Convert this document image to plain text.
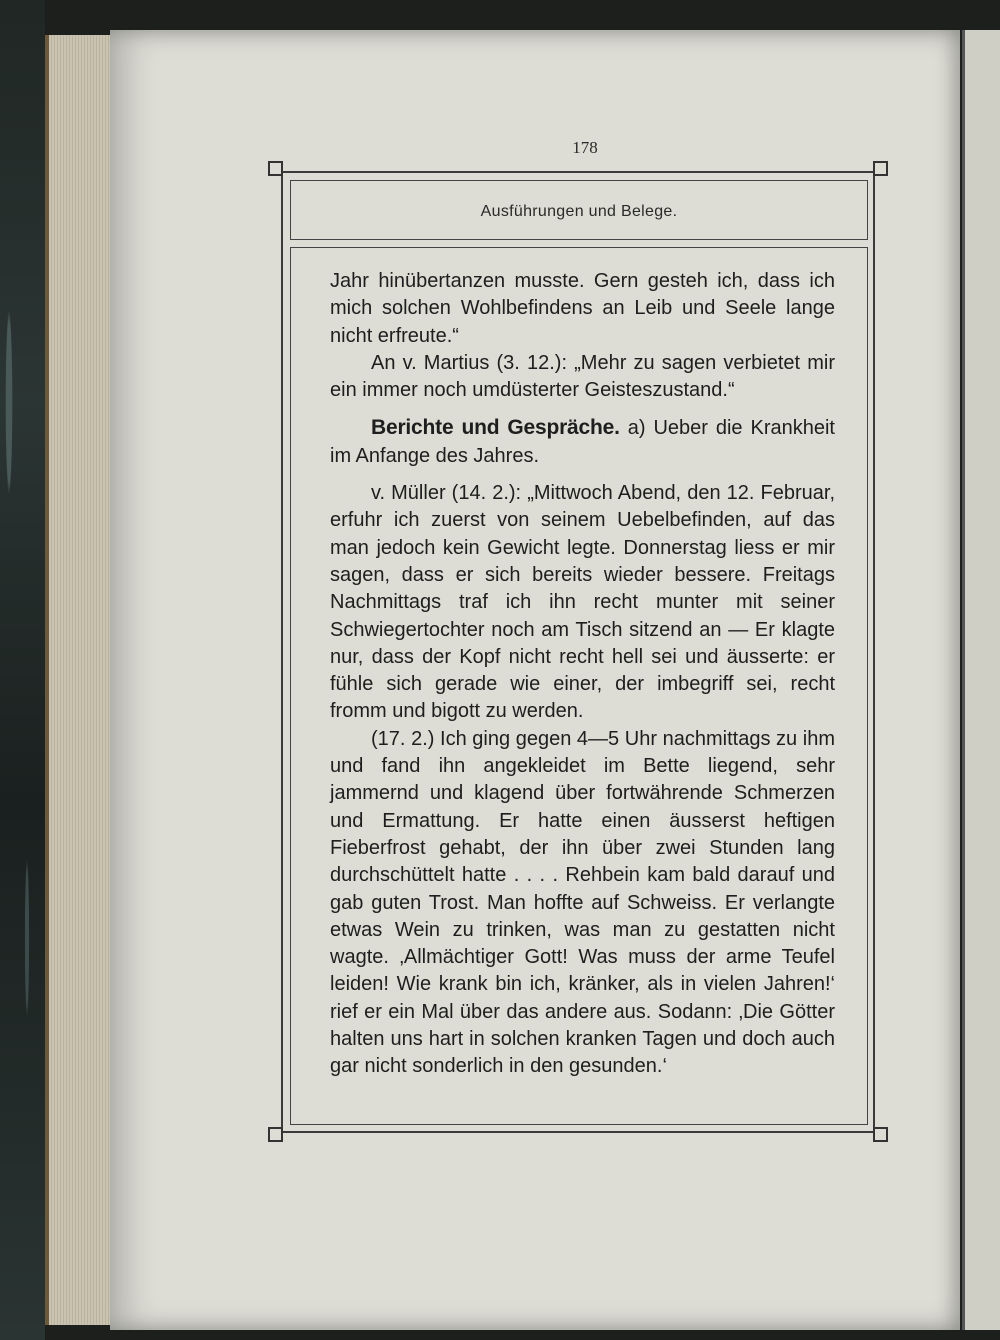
178
Ausführungen und Belege.

Jahr hinübertanzen musste. Gern gesteh ich, dass ich mich solchen Wohlbefindens an Leib und Seele lange nicht erfreute.“

An v. Martius (3. 12.): „Mehr zu sagen verbietet mir ein immer noch umdüsterter Geisteszustand.“

Berichte und Gespräche. a) Ueber die Krankheit im Anfange des Jahres.

v. Müller (14. 2.): „Mittwoch Abend, den 12. Februar, erfuhr ich zuerst von seinem Uebelbefinden, auf das man jedoch kein Gewicht legte. Donnerstag liess er mir sagen, dass er sich bereits wieder bessere. Freitags Nachmittags traf ich ihn recht munter mit seiner Schwiegertochter noch am Tisch sitzend an — Er klagte nur, dass der Kopf nicht recht hell sei und äusserte: er fühle sich gerade wie einer, der imbegriff sei, recht fromm und bigott zu werden.

(17. 2.) Ich ging gegen 4—5 Uhr nachmittags zu ihm und fand ihn angekleidet im Bette liegend, sehr jammernd und klagend über fortwährende Schmerzen und Ermattung. Er hatte einen äusserst heftigen Fieberfrost gehabt, der ihn über zwei Stunden lang durchschüttelt hatte . . . . Rehbein kam bald darauf und gab guten Trost. Man hoffte auf Schweiss. Er verlangte etwas Wein zu trinken, was man zu gestatten nicht wagte. ‚Allmächtiger Gott! Was muss der arme Teufel leiden! Wie krank bin ich, kränker, als in vielen Jahren!‘ rief er ein Mal über das andere aus. Sodann: ‚Die Götter halten uns hart in solchen kranken Tagen und doch auch gar nicht sonderlich in den gesunden.‘
